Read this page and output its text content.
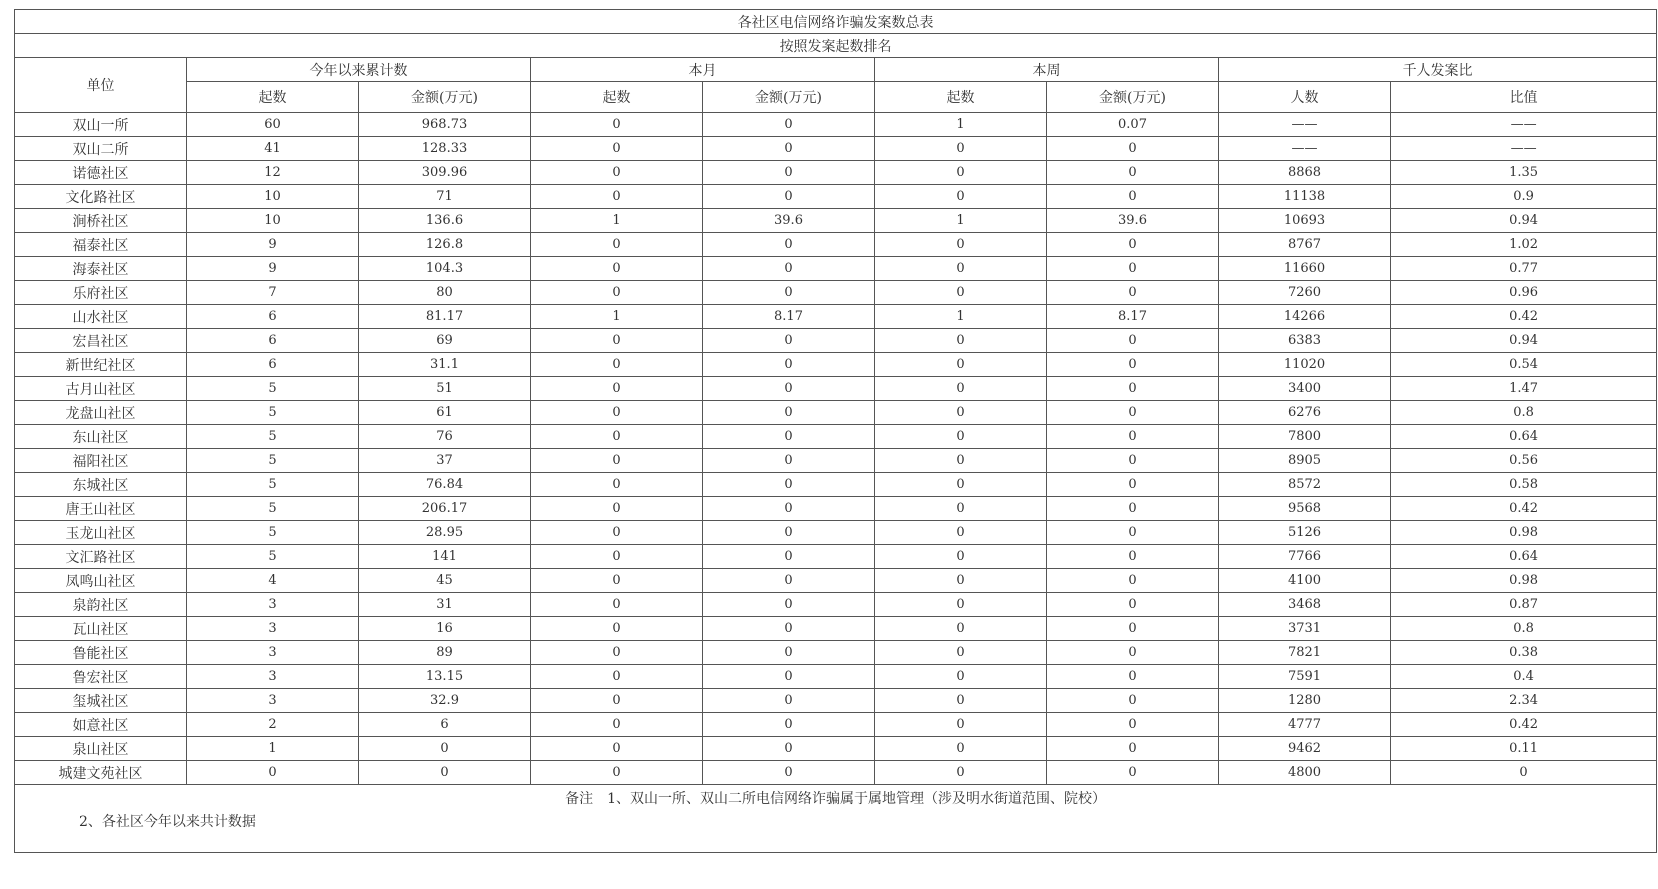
各社区电信网络诈骗发案数总表								
按照发案起数排名								
单位	今年以来累计数		本月		本周		千人发案比	
	起数	金额(万元)	起数	金额(万元)	起数	金额(万元)	人数	比值
双山一所	60	968.73	0	0	1	0.07	——	——
双山二所	41	128.33	0	0	0	0	——	——
诺德社区	12	309.96	0	0	0	0	8868	1.35
文化路社区	10	71	0	0	0	0	11138	0.9
涧桥社区	10	136.6	1	39.6	1	39.6	10693	0.94
福泰社区	9	126.8	0	0	0	0	8767	1.02
海泰社区	9	104.3	0	0	0	0	11660	0.77
乐府社区	7	80	0	0	0	0	7260	0.96
山水社区	6	81.17	1	8.17	1	8.17	14266	0.42
宏昌社区	6	69	0	0	0	0	6383	0.94
新世纪社区	6	31.1	0	0	0	0	11020	0.54
古月山社区	5	51	0	0	0	0	3400	1.47
龙盘山社区	5	61	0	0	0	0	6276	0.8
东山社区	5	76	0	0	0	0	7800	0.64
福阳社区	5	37	0	0	0	0	8905	0.56
东城社区	5	76.84	0	0	0	0	8572	0.58
唐王山社区	5	206.17	0	0	0	0	9568	0.42
玉龙山社区	5	28.95	0	0	0	0	5126	0.98
文汇路社区	5	141	0	0	0	0	7766	0.64
凤鸣山社区	4	45	0	0	0	0	4100	0.98
泉韵社区	3	31	0	0	0	0	3468	0.87
瓦山社区	3	16	0	0	0	0	3731	0.8
鲁能社区	3	89	0	0	0	0	7821	0.38
鲁宏社区	3	13.15	0	0	0	0	7591	0.4
玺城社区	3	32.9	0	0	0	0	1280	2.34
如意社区	2	6	0	0	0	0	4777	0.42
泉山社区	1	0	0	0	0	0	9462	0.11
城建文苑社区	0	0	0	0	0	0	4800	0

备注　1、双山一所、双山二所电信网络诈骗属于属地管理（涉及明水街道范围、院校）
2、各社区今年以来共计数据								
